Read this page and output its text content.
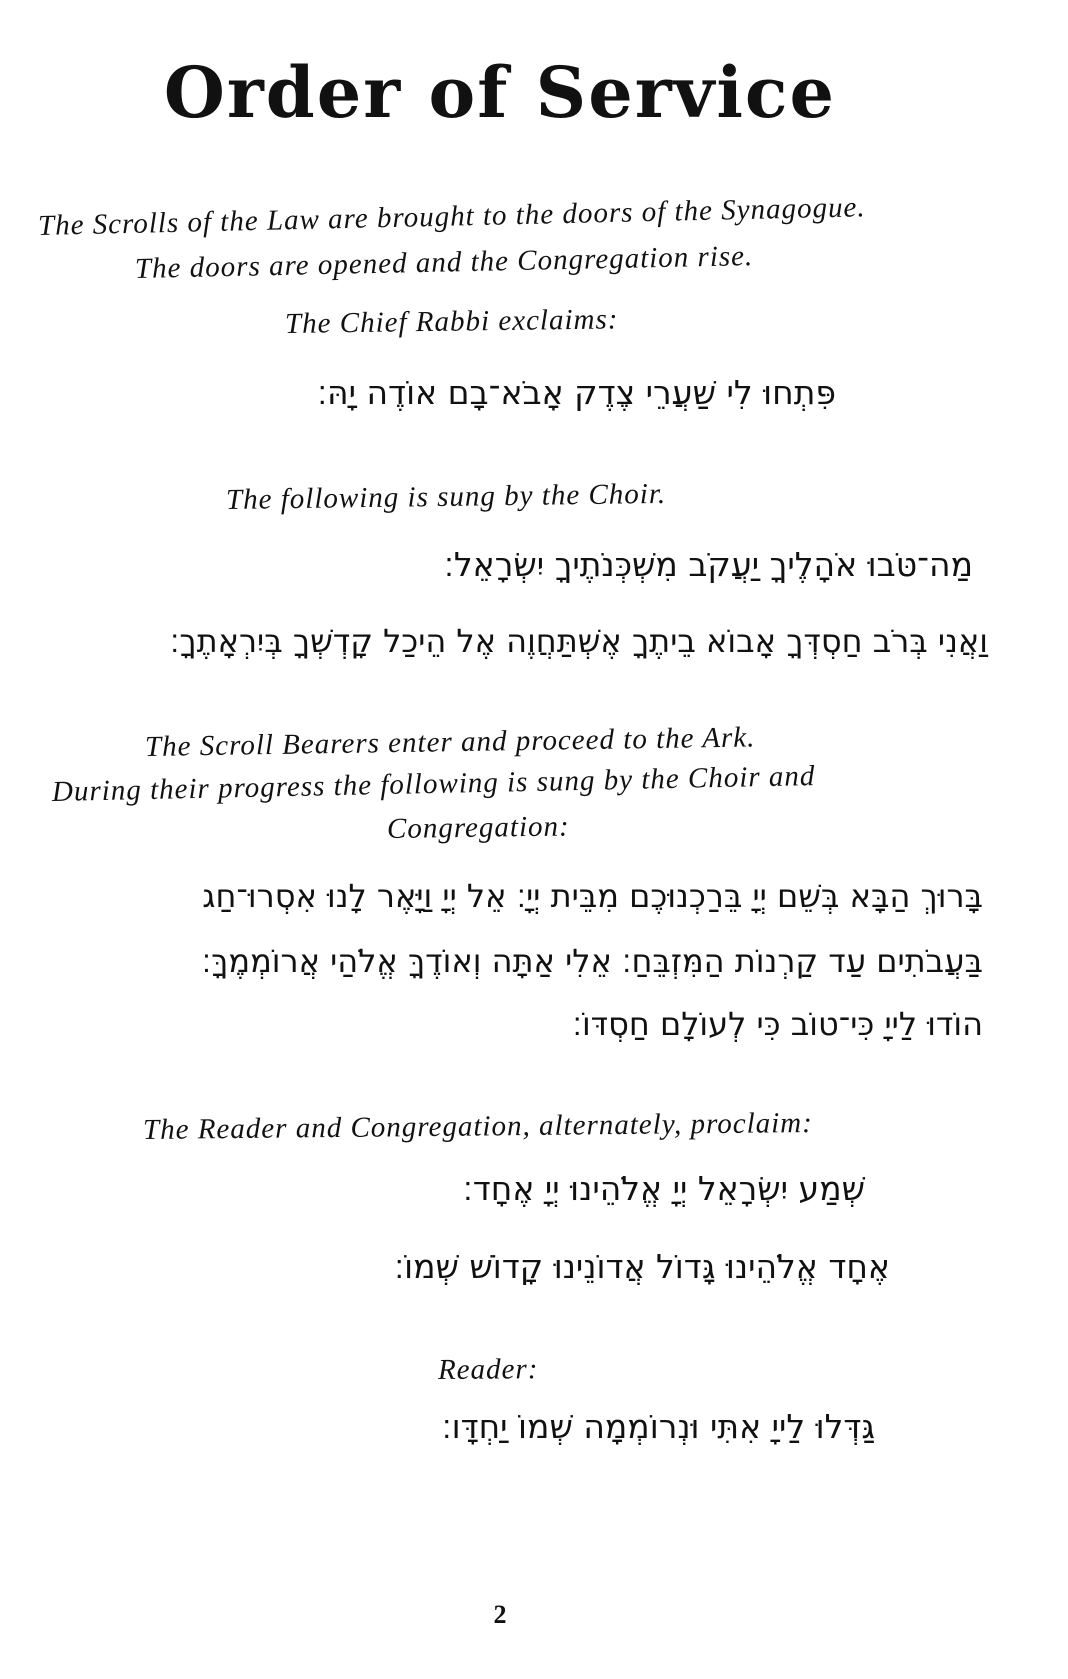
Order of Service
The Scrolls of the Law are brought to the doors of the Synagogue.
The doors are opened and the Congregation rise.
The Chief Rabbi exclaims:
פִּתְחוּ לִי שַׁעֲרֵי צֶדֶק אָבֹא־בָם אוֹדֶה יָהּ׃
The following is sung by the Choir.
מַה־טֹּבוּ אֹהָלֶיךָ יַעֲקֹב מִשְׁכְּנֹתֶיךָ יִשְׂרָאֵל׃
וַאֲנִי בְּרֹב חַסְדְּךָ אָבוֹא בֵיתֶךָ אֶשְׁתַּחֲוֶה אֶל הֵיכַל קָדְשְׁךָ בְּיִרְאָתֶךָ׃
The Scroll Bearers enter and proceed to the Ark.
During their progress the following is sung by the Choir and
Congregation:
בָּרוּךְ הַבָּא בְּשֵׁם יְיָ בֵּרַכְנוּכֶם מִבֵּית יְיָ׃ אֵל יְיָ וַיָּאֶר לָנוּ אִסְרוּ־חַג
בַּעֲבֹתִים עַד קַרְנוֹת הַמִּזְבֵּחַ׃ אֵלִי אַתָּה וְאוֹדֶךָּ אֱלֹהַי אֲרוֹמְמֶךָּ׃
הוֹדוּ לַייָ כִּי־טוֹב כִּי לְעוֹלָם חַסְדּוֹ׃
The Reader and Congregation, alternately, proclaim:
שְׁמַע יִשְׂרָאֵל יְיָ אֱלֹהֵינוּ יְיָ אֶחָד׃
אֶחָד אֱלֹהֵינוּ גָּדוֹל אֲדוֹנֵינוּ קָדוֹשׁ שְׁמוֹ׃
Reader:
גַּדְּלוּ לַייָ אִתִּי וּנְרוֹמְמָה שְׁמוֹ יַחְדָּו׃
2
